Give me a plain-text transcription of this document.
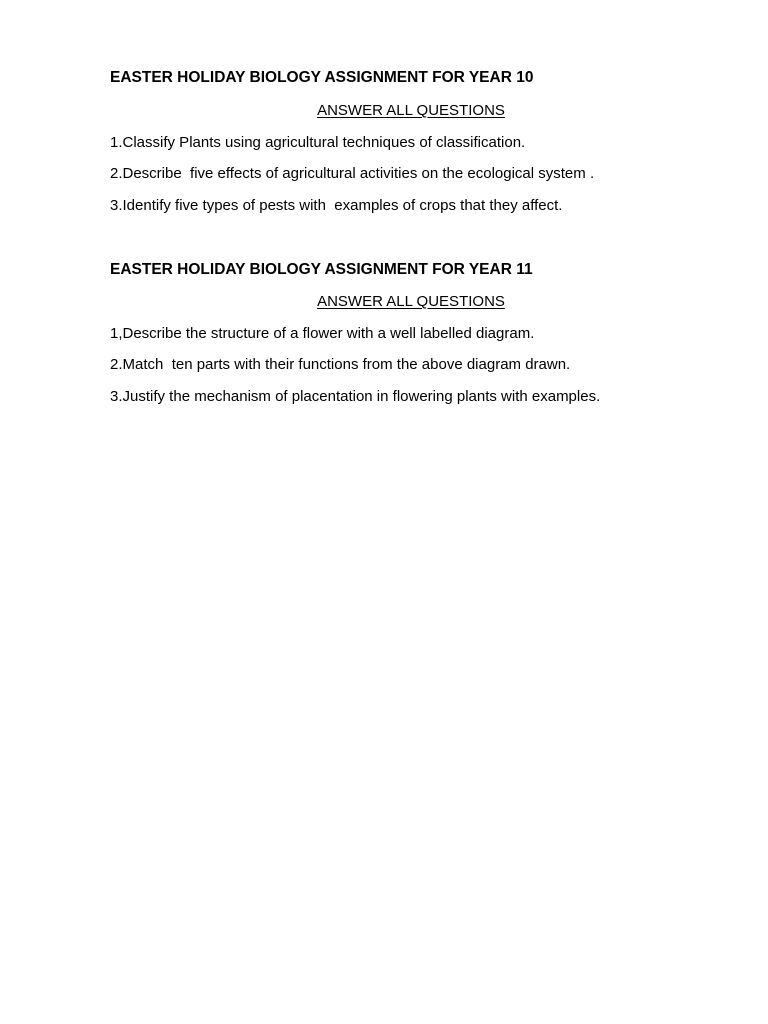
EASTER HOLIDAY BIOLOGY ASSIGNMENT FOR YEAR 10

ANSWER ALL QUESTIONS

1.Classify Plants using agricultural techniques of classification.

2.Describe  five effects of agricultural activities on the ecological system .

3.Identify five types of pests with  examples of crops that they affect.

EASTER HOLIDAY BIOLOGY ASSIGNMENT FOR YEAR 11

ANSWER ALL QUESTIONS

1,Describe the structure of a flower with a well labelled diagram.

2.Match  ten parts with their functions from the above diagram drawn.

3.Justify the mechanism of placentation in flowering plants with examples.
